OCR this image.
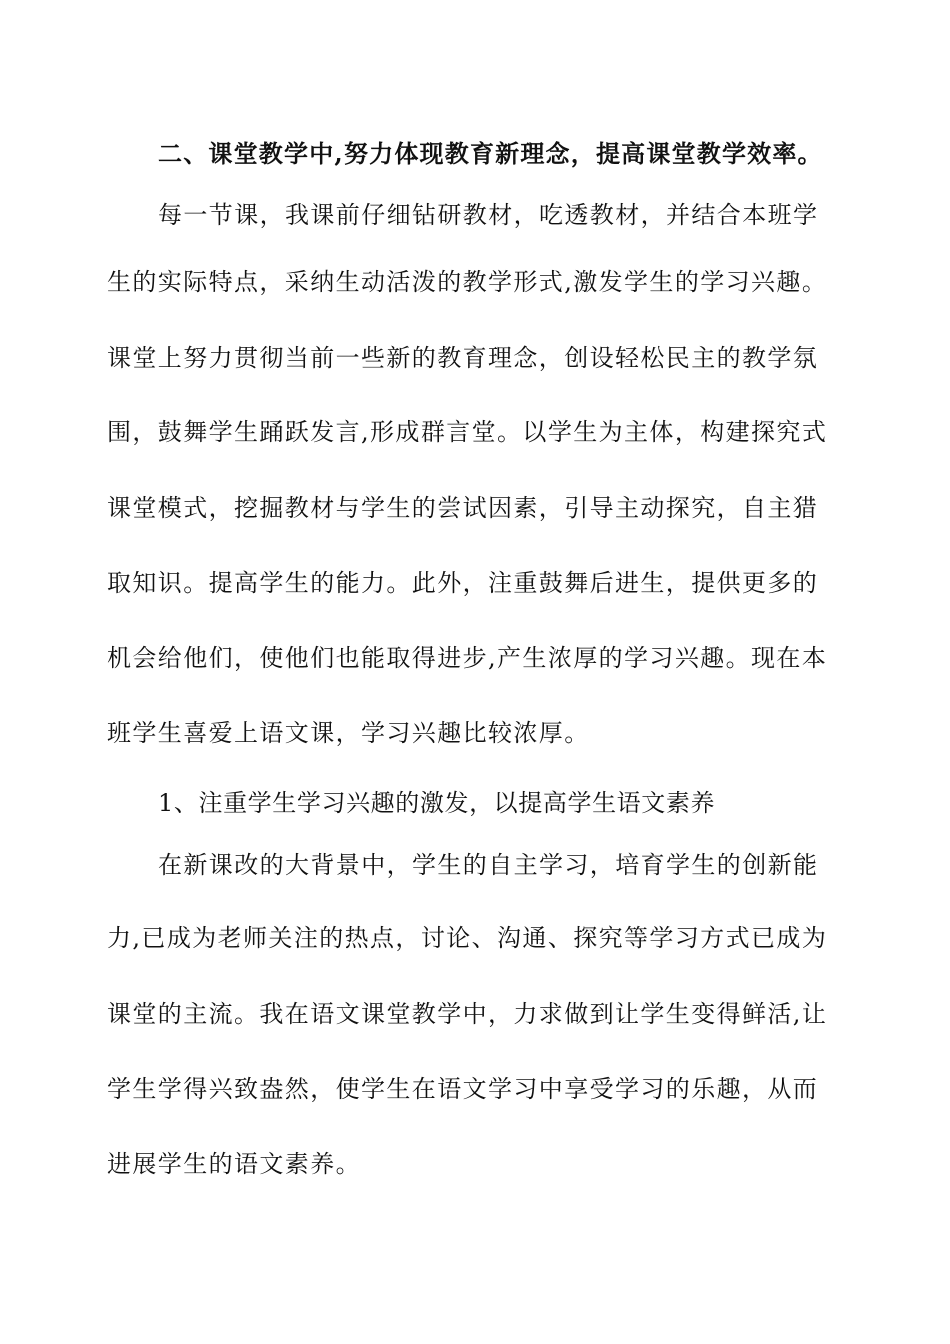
二、课堂教学中,努力体现教育新理念，提高课堂教学效率。
每一节课，我课前仔细钻研教材，吃透教材，并结合本班学
生的实际特点，采纳生动活泼的教学形式,激发学生的学习兴趣。
课堂上努力贯彻当前一些新的教育理念，创设轻松民主的教学氛
围，鼓舞学生踊跃发言,形成群言堂。以学生为主体，构建探究式
课堂模式，挖掘教材与学生的尝试因素，引导主动探究，自主猎
取知识。提高学生的能力。此外，注重鼓舞后进生，提供更多的
机会给他们，使他们也能取得进步,产生浓厚的学习兴趣。现在本
班学生喜爱上语文课，学习兴趣比较浓厚。
1、注重学生学习兴趣的激发，以提高学生语文素养
在新课改的大背景中，学生的自主学习，培育学生的创新能
力,已成为老师关注的热点，讨论、沟通、探究等学习方式已成为
课堂的主流。我在语文课堂教学中，力求做到让学生变得鲜活,让
学生学得兴致盎然，使学生在语文学习中享受学习的乐趣，从而
进展学生的语文素养。
